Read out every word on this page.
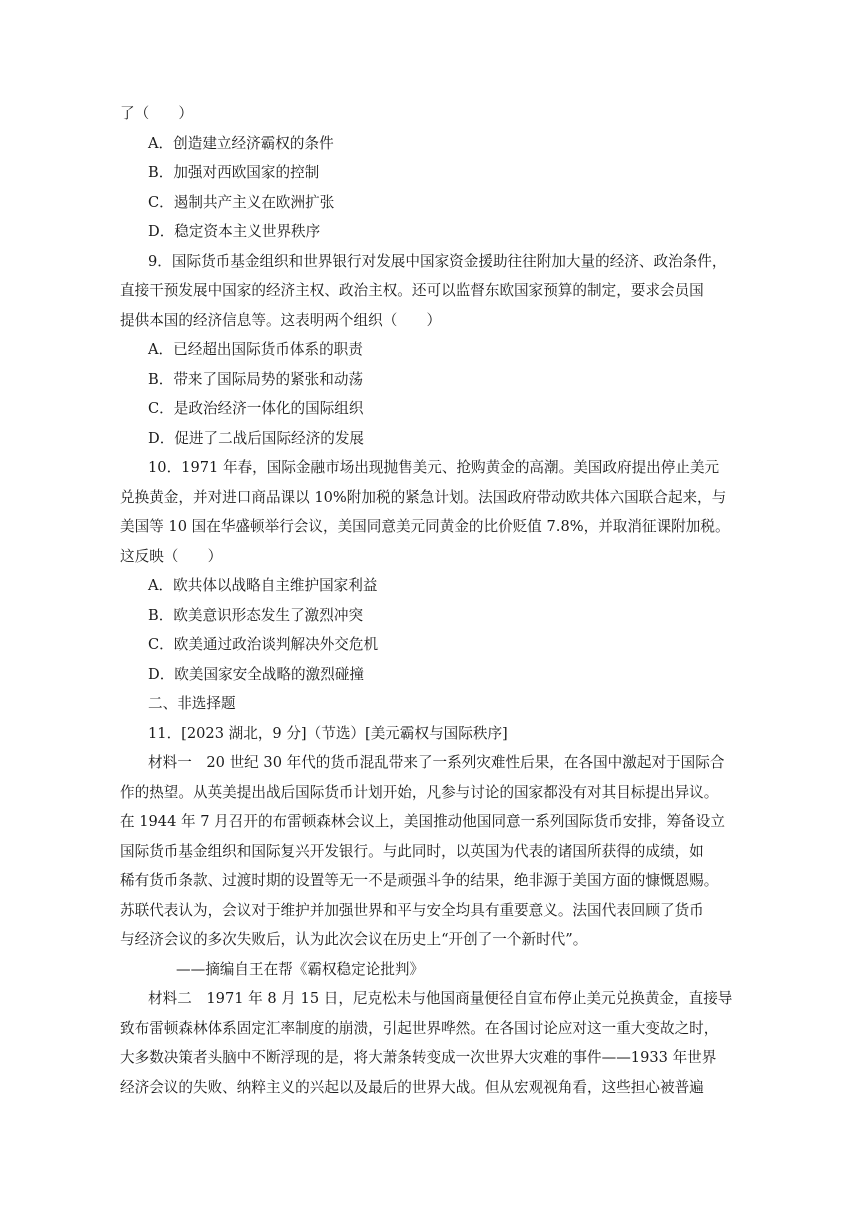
了（　　）
A．创造建立经济霸权的条件
B．加强对西欧国家的控制
C．遏制共产主义在欧洲扩张
D．稳定资本主义世界秩序
9．国际货币基金组织和世界银行对发展中国家资金援助往往附加大量的经济、政治条件，
直接干预发展中国家的经济主权、政治主权。还可以监督东欧国家预算的制定，要求会员国
提供本国的经济信息等。这表明两个组织（　　）
A．已经超出国际货币体系的职责
B．带来了国际局势的紧张和动荡
C．是政治经济一体化的国际组织
D．促进了二战后国际经济的发展
10．1971 年春，国际金融市场出现抛售美元、抢购黄金的高潮。美国政府提出停止美元
兑换黄金，并对进口商品课以 10%附加税的紧急计划。法国政府带动欧共体六国联合起来，与
美国等 10 国在华盛顿举行会议，美国同意美元同黄金的比价贬值 7.8%，并取消征课附加税。
这反映（　　）
A．欧共体以战略自主维护国家利益
B．欧美意识形态发生了激烈冲突
C．欧美通过政治谈判解决外交危机
D．欧美国家安全战略的激烈碰撞
二、非选择题
11．[2023 湖北，9 分]（节选）[美元霸权与国际秩序]
材料一　20 世纪 30 年代的货币混乱带来了一系列灾难性后果，在各国中激起对于国际合
作的热望。从英美提出战后国际货币计划开始，凡参与讨论的国家都没有对其目标提出异议。
在 1944 年 7 月召开的布雷顿森林会议上，美国推动他国同意一系列国际货币安排，筹备设立
国际货币基金组织和国际复兴开发银行。与此同时，以英国为代表的诸国所获得的成绩，如
稀有货币条款、过渡时期的设置等无一不是顽强斗争的结果，绝非源于美国方面的慷慨恩赐。
苏联代表认为，会议对于维护并加强世界和平与安全均具有重要意义。法国代表回顾了货币
与经济会议的多次失败后，认为此次会议在历史上“开创了一个新时代”。
——摘编自王在帮《霸权稳定论批判》
材料二　1971 年 8 月 15 日，尼克松未与他国商量便径自宣布停止美元兑换黄金，直接导
致布雷顿森林体系固定汇率制度的崩溃，引起世界哗然。在各国讨论应对这一重大变故之时，
大多数决策者头脑中不断浮现的是，将大萧条转变成一次世界大灾难的事件——1933 年世界
经济会议的失败、纳粹主义的兴起以及最后的世界大战。但从宏观视角看，这些担心被普遍
